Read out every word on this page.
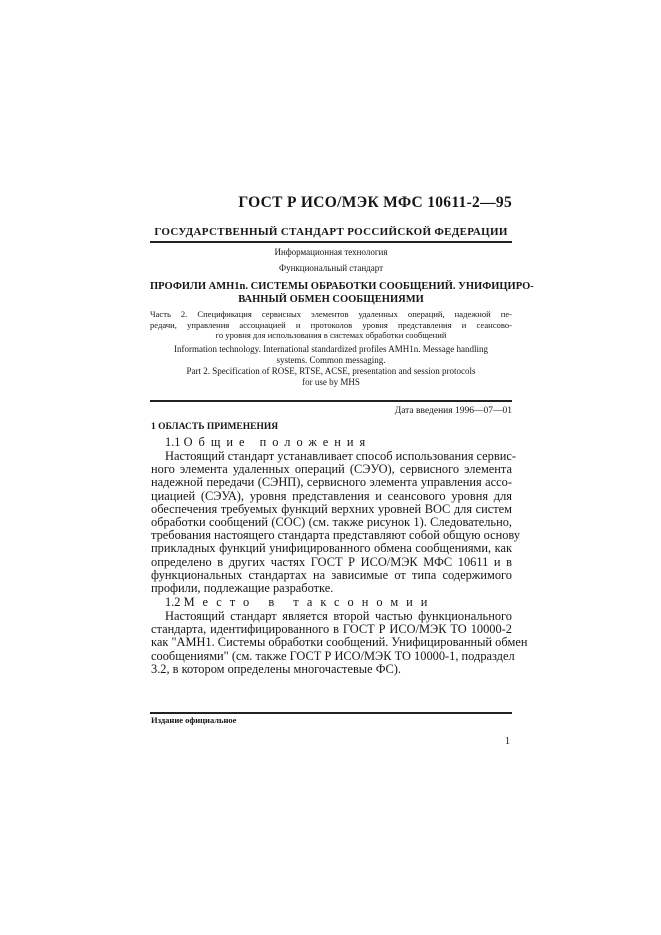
ГОСТ Р ИСО/МЭК МФС 10611-2—95
ГОСУДАРСТВЕННЫЙ СТАНДАРТ РОССИЙСКОЙ ФЕДЕРАЦИИ
Информационная технология
Функциональный стандарт
ПРОФИЛИ АМН1n. СИСТЕМЫ ОБРАБОТКИ СООБЩЕНИЙ. УНИФИЦИРО-
ВАННЫЙ ОБМЕН СООБЩЕНИЯМИ
Часть 2. Спецификация сервисных элементов удаленных операций, надежной пе-
редачи, управления ассоциацией и протоколов уровня представления и сеансово-
го уровня для использования в системах обработки сообщений
Information technology. International standardized profiles AMH1n. Message handling
systems. Common messaging.
Part 2. Specification of ROSE, RTSE, ACSE, presentation and session protocols
for use by MHS
Дата введения 1996—07—01
1 ОБЛАСТЬ ПРИМЕНЕНИЯ
1.1 Общие положения
Настоящий стандарт устанавливает способ использования сервис-
ного элемента удаленных операций (СЭУО), сервисного элемента
надежной передачи (СЭНП), сервисного элемента управления ассо-
циацией (СЭУА), уровня представления и сеансового уровня для
обеспечения требуемых функций верхних уровней ВОС для систем
обработки сообщений (СОС) (см. также рисунок 1). Следовательно,
требования настоящего стандарта представляют собой общую основу
прикладных функций унифицированного обмена сообщениями, как
определено в других частях ГОСТ Р ИСО/МЭК МФС 10611 и в
функциональных стандартах на зависимые от типа содержимого
профили, подлежащие разработке.
1.2 Место в таксономии
Настоящий стандарт является второй частью функционального
стандарта, идентифицированного в ГОСТ Р ИСО/МЭК ТО 10000-2
как "АМН1. Системы обработки сообщений. Унифицированный обмен
сообщениями" (см. также ГОСТ Р ИСО/МЭК ТО 10000-1, подраздел
3.2, в котором определены многочастевые ФС).
Издание официальное
1
